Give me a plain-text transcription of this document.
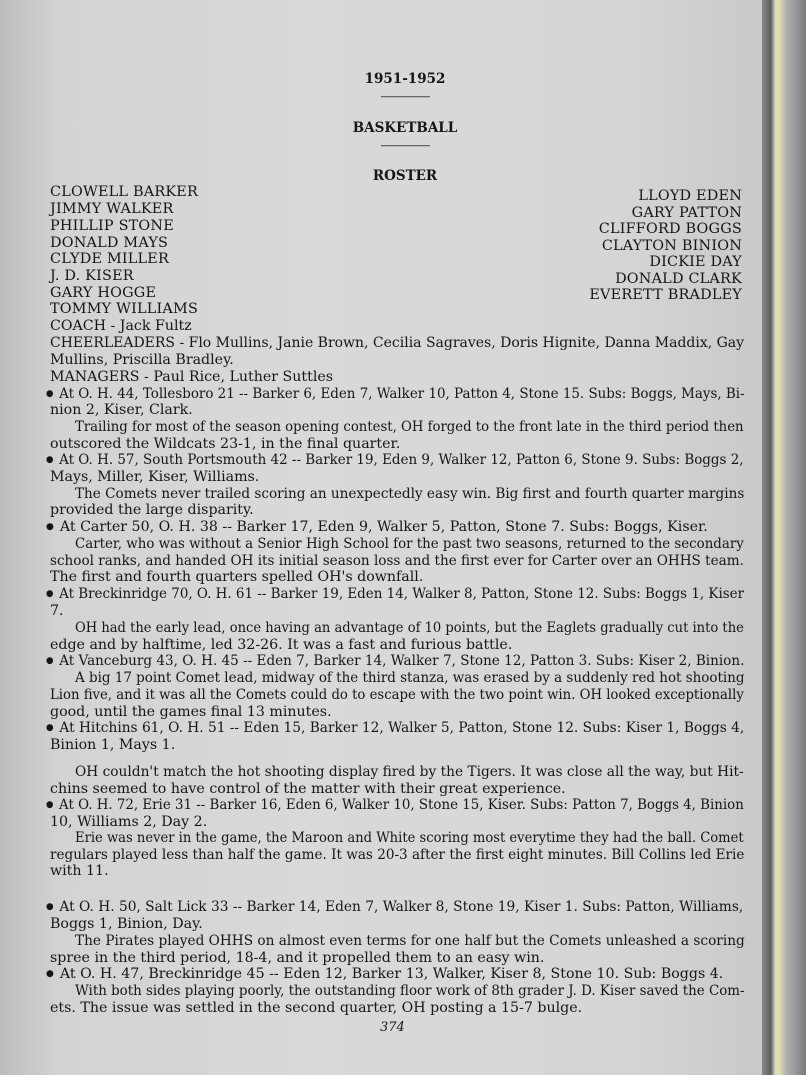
1951-1952
————––
BASKETBALL
————––
ROSTER
CLOWELL BARKER
JIMMY WALKER
PHILLIP STONE
DONALD MAYS
CLYDE MILLER
J. D. KISER
GARY HOGGE
TOMMY WILLIAMS
LLOYD EDEN
GARY PATTON
CLIFFORD BOGGS
CLAYTON BINION
DICKIE DAY
DONALD CLARK
EVERETT BRADLEY
COACH - Jack Fultz
CHEERLEADERS - Flo Mullins, Janie Brown, Cecilia Sagraves, Doris Hignite, Danna Maddix, Gay
Mullins, Priscilla Bradley.
MANAGERS - Paul Rice, Luther Suttles
● At O. H. 44, Tollesboro 21 -- Barker 6, Eden 7, Walker 10, Patton 4, Stone 15. Subs: Boggs, Mays, Bi-
nion 2, Kiser, Clark.
Trailing for most of the season opening contest, OH forged to the front late in the third period then
outscored the Wildcats 23-1, in the final quarter.
● At O. H. 57, South Portsmouth 42 -- Barker 19, Eden 9, Walker 12, Patton 6, Stone 9. Subs: Boggs 2,
Mays, Miller, Kiser, Williams.
The Comets never trailed scoring an unexpectedly easy win. Big first and fourth quarter margins
provided the large disparity.
● At Carter 50, O. H. 38 -- Barker 17, Eden 9, Walker 5, Patton, Stone 7. Subs: Boggs, Kiser.
Carter, who was without a Senior High School for the past two seasons, returned to the secondary
school ranks, and handed OH its initial season loss and the first ever for Carter over an OHHS team.
The first and fourth quarters spelled OH's downfall.
● At Breckinridge 70, O. H. 61 -- Barker 19, Eden 14, Walker 8, Patton, Stone 12. Subs: Boggs 1, Kiser
7.
OH had the early lead, once having an advantage of 10 points, but the Eaglets gradually cut into the
edge and by halftime, led 32-26. It was a fast and furious battle.
● At Vanceburg 43, O. H. 45 -- Eden 7, Barker 14, Walker 7, Stone 12, Patton 3. Subs: Kiser 2, Binion.
A big 17 point Comet lead, midway of the third stanza, was erased by a suddenly red hot shooting
Lion five, and it was all the Comets could do to escape with the two point win. OH looked exceptionally
good, until the games final 13 minutes.
● At Hitchins 61, O. H. 51 -- Eden 15, Barker 12, Walker 5, Patton, Stone 12. Subs: Kiser 1, Boggs 4,
Binion 1, Mays 1.
OH couldn't match the hot shooting display fired by the Tigers. It was close all the way, but Hit-
chins seemed to have control of the matter with their great experience.
● At O. H. 72, Erie 31 -- Barker 16, Eden 6, Walker 10, Stone 15, Kiser. Subs: Patton 7, Boggs 4, Binion
10, Williams 2, Day 2.
Erie was never in the game, the Maroon and White scoring most everytime they had the ball. Comet
regulars played less than half the game. It was 20-3 after the first eight minutes. Bill Collins led Erie
with 11.
● At O. H. 50, Salt Lick 33 -- Barker 14, Eden 7, Walker 8, Stone 19, Kiser 1. Subs: Patton, Williams,
Boggs 1, Binion, Day.
The Pirates played OHHS on almost even terms for one half but the Comets unleashed a scoring
spree in the third period, 18-4, and it propelled them to an easy win.
● At O. H. 47, Breckinridge 45 -- Eden 12, Barker 13, Walker, Kiser 8, Stone 10. Sub: Boggs 4.
With both sides playing poorly, the outstanding floor work of 8th grader J. D. Kiser saved the Com-
ets. The issue was settled in the second quarter, OH posting a 15-7 bulge.
374
